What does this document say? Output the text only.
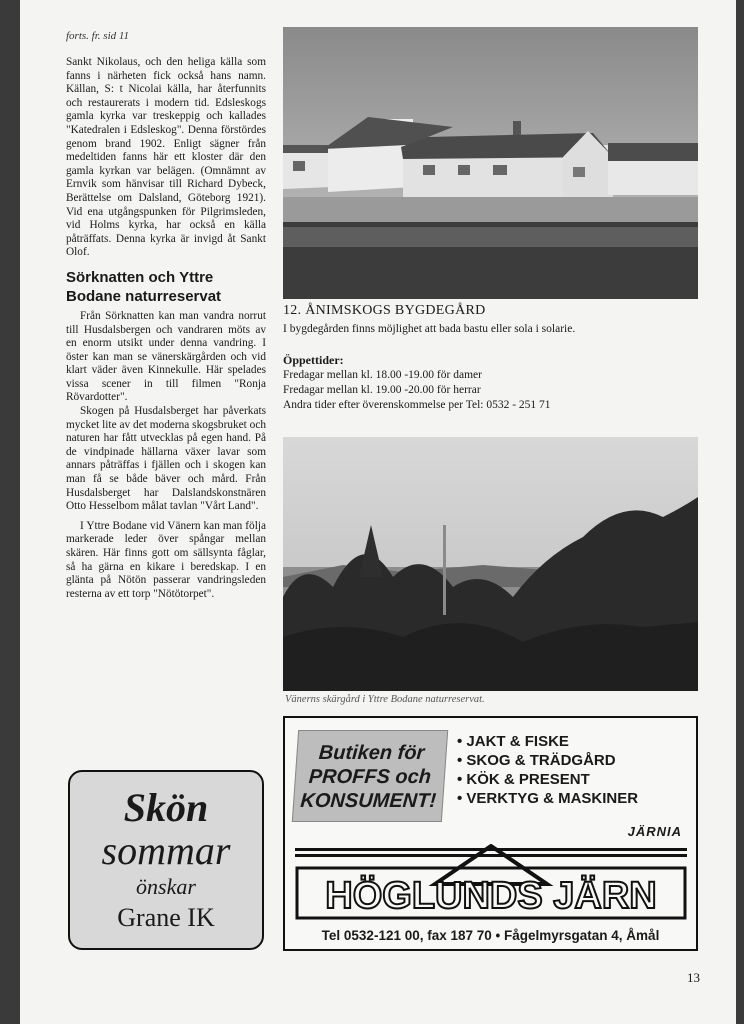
forts. fr. sid 11

Sankt Nikolaus, och den heliga källa som fanns i närheten fick också hans namn. Källan, S: t Nicolai källa, har återfunnits och restaurerats i modern tid. Edsleskogs gamla kyrka var treskeppig och kallades "Katedralen i Edsleskog". Denna förstördes genom brand 1902. Enligt sägner från medeltiden fanns här ett kloster där den gamla kyrkan var belägen. (Omnämnt av Ernvik som hänvisar till Richard Dybeck, Berättelse om Dalsland, Göteborg 1921). Vid ena utgångspunken för Pilgrimsleden, vid Holms kyrka, har också en källa påträffats. Denna kyrka är invigd åt Sankt Olof.

Sörknatten och Yttre Bodane naturreservat

Från Sörknatten kan man vandra norrut till Husdalsbergen och vandraren möts av en enorm utsikt under denna vandring. I öster kan man se vänerskärgården och vid klart väder även Kinnekulle. Här spelades vissa scener in till filmen "Ronja Rövardotter".

Skogen på Husdalsberget har påverkats mycket lite av det moderna skogsbruket och naturen har fått utvecklas på egen hand. På de vindpinade hällarna växer lavar som annars påträffas i fjällen och i skogen kan man få se både bäver och mård. Från Husdalsberget har Dalslandskonstnären Otto Hesselbom målat tavlan "Vårt Land".

I Yttre Bodane vid Vänern kan man följa markerade leder över spångar mellan skären. Här finns gott om sällsynta fåglar, så ha gärna en kikare i beredskap. I en glänta på Nötön passerar vandringsleden resterna av ett torp "Nötötorpet".

Skön
sommar
önskar
Grane IK
12. ÅNIMSKOGS BYGDEGÅRD
I bygdegården finns möjlighet att bada bastu eller sola i solarie.
Öppettider:
Fredagar mellan kl. 18.00 -19.00 för damer
Fredagar mellan kl. 19.00 -20.00 för herrar
Andra tider efter överenskommelse per Tel: 0532 - 251 71
Vänerns skärgård i Yttre Bodane naturreservat.
Butiken för
PROFFS och
KONSUMENT!
• JAKT & FISKE
• SKOG & TRÄDGÅRD
• KÖK & PRESENT
• VERKTYG & MASKINER
JÄRNIA
HÖGLUNDS JÄRN
Tel 0532-121 00, fax 187 70 • Fågelmyrsgatan 4, Åmål
13
